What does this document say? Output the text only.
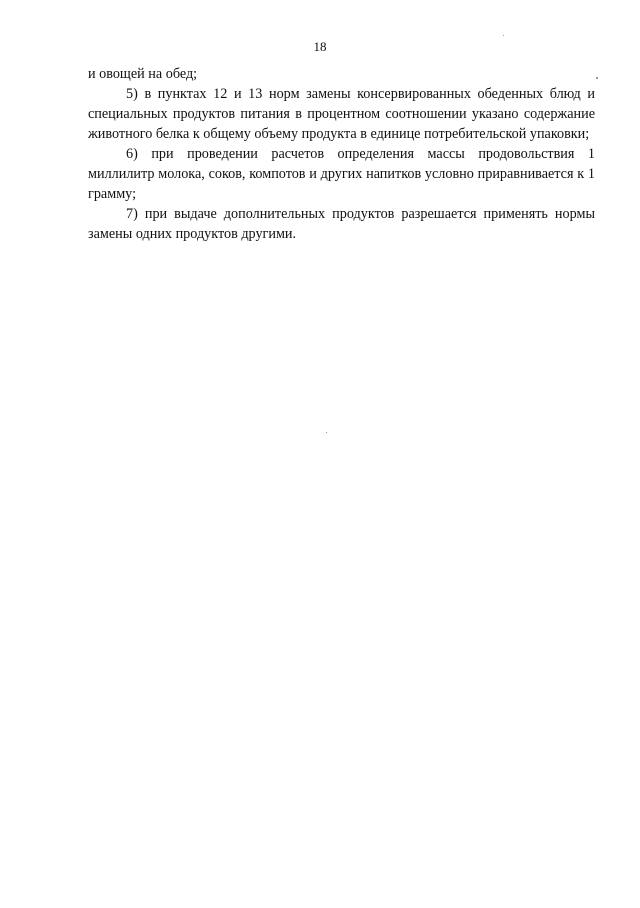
18

и овощей на обед;

5) в пунктах 12 и 13 норм замены консервированных обеденных блюд и специальных продуктов питания в процентном соотношении указано содержание животного белка к общему объему продукта в единице потребительской упаковки;

6) при проведении расчетов определения массы продовольствия 1 миллилитр молока, соков, компотов и других напитков условно приравнивается к 1 грамму;

7) при выдаче дополнительных продуктов разрешается применять нормы замены одних продуктов другими.
